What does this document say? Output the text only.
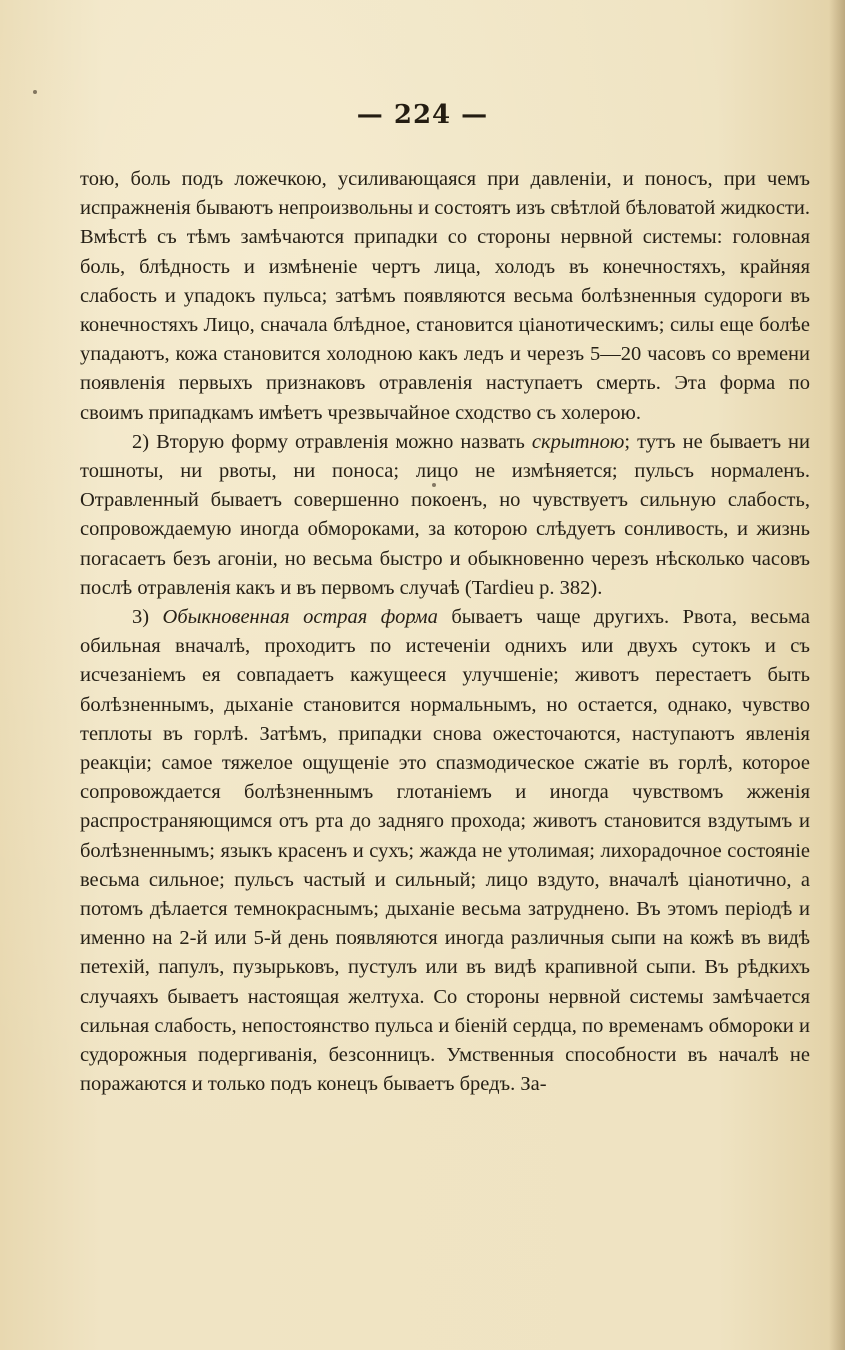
— 224 —

тою, боль подъ ложечкою, усиливающаяся при давленіи, и поносъ, при чемъ испражненія бываютъ непроизвольны и состоятъ изъ свѣтлой бѣловатой жидкости. Вмѣстѣ съ тѣмъ замѣчаются припадки со стороны нервной системы: головная боль, блѣдность и измѣненіе чертъ лица, холодъ въ конечностяхъ, крайняя слабость и упадокъ пульса; затѣмъ появляются весьма болѣзненныя судороги въ конечностяхъ Лицо, сначала блѣдное, становится ціанотическимъ; силы еще болѣе упадаютъ, кожа становится холодною какъ ледъ и черезъ 5—20 часовъ со времени появленія первыхъ признаковъ отравленія наступаетъ смерть. Эта форма по своимъ припадкамъ имѣетъ чрезвычайное сходство съ холерою.

2) Вторую форму отравленія можно назвать скрытною; тутъ не бываетъ ни тошноты, ни рвоты, ни поноса; лицо не измѣняется; пульсъ нормаленъ. Отравленный бываетъ совершенно покоенъ, но чувствуетъ сильную слабость, сопровождаемую иногда обмороками, за которою слѣдуетъ сонливость, и жизнь погасаетъ безъ агоніи, но весьма быстро и обыкновенно черезъ нѣсколько часовъ послѣ отравленія какъ и въ первомъ случаѣ (Tardieu p. 382).

3) Обыкновенная острая форма бываетъ чаще другихъ. Рвота, весьма обильная вначалѣ, проходитъ по истеченіи однихъ или двухъ сутокъ и съ исчезаніемъ ея совпадаетъ кажущееся улучшеніе; животъ перестаетъ быть болѣзненнымъ, дыханіе становится нормальнымъ, но остается, однако, чувство теплоты въ горлѣ. Затѣмъ, припадки снова ожесточаются, наступаютъ явленія реакціи; самое тяжелое ощущеніе это спазмодическое сжатіе въ горлѣ, которое сопровождается болѣзненнымъ глотаніемъ и иногда чувствомъ жженія распространяющимся отъ рта до задняго прохода; животъ становится вздутымъ и болѣзненнымъ; языкъ красенъ и сухъ; жажда не утолимая; лихорадочное состояніе весьма сильное; пульсъ частый и сильный; лицо вздуто, вначалѣ ціанотично, а потомъ дѣлается темнокраснымъ; дыханіе весьма затруднено. Въ этомъ періодѣ и именно на 2-й или 5-й день появляются иногда различныя сыпи на кожѣ въ видѣ петехій, папулъ, пузырьковъ, пустулъ или въ видѣ крапивной сыпи. Въ рѣдкихъ случаяхъ бываетъ настоящая желтуха. Со стороны нервной системы замѣчается сильная слабость, непостоянство пульса и біеній сердца, по временамъ обмороки и судорожныя подергиванія, безсонницъ. Умственныя способности въ началѣ не поражаются и только подъ конецъ бываетъ бредъ. За-
